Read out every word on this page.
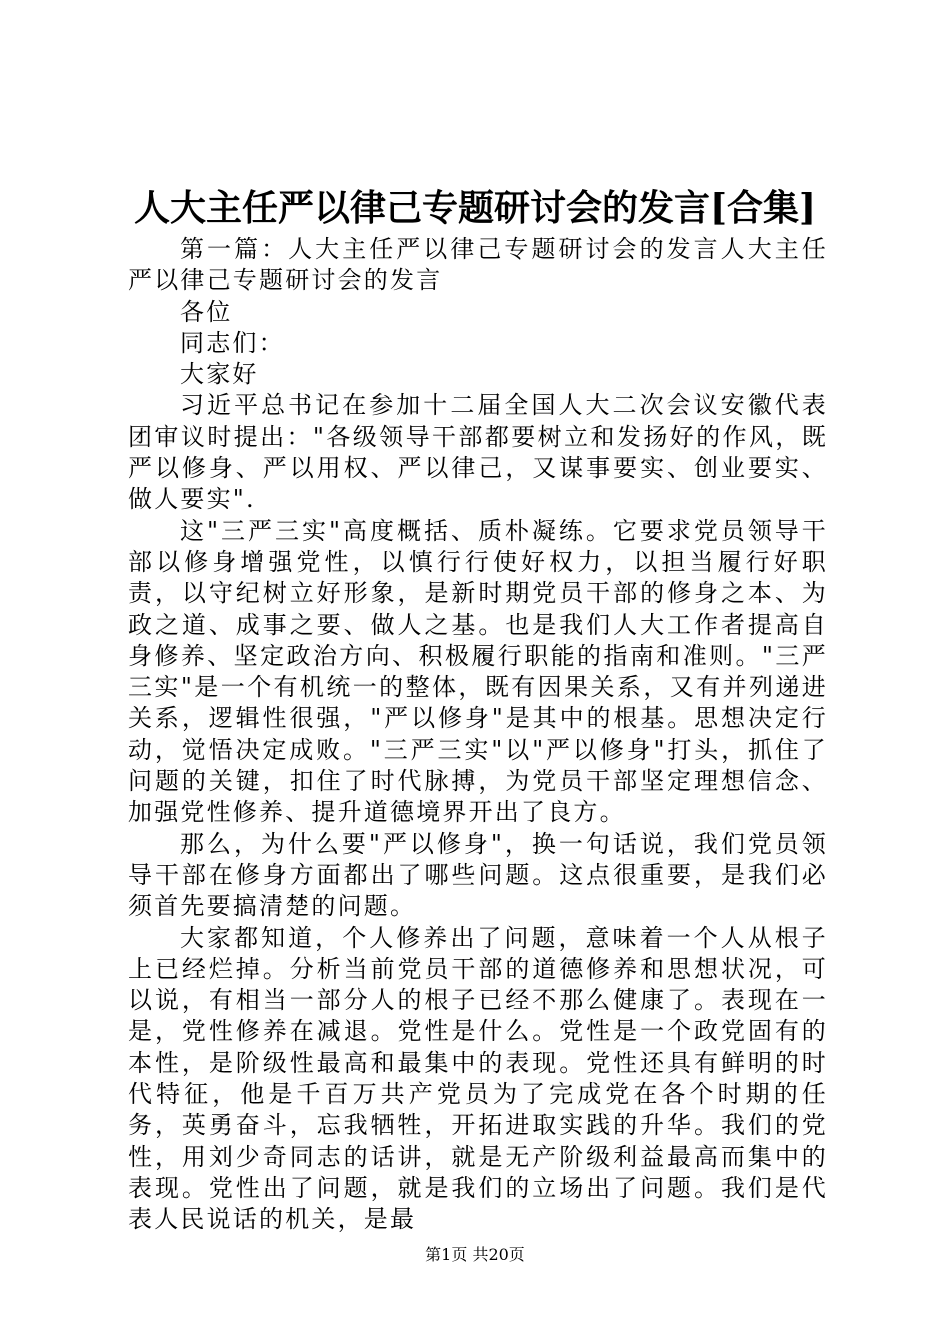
人大主任严以律己专题研讨会的发言[合集]

第一篇：人大主任严以律己专题研讨会的发言人大主任严以律己专题研讨会的发言

各位

同志们：

大家好

习近平总书记在参加十二届全国人大二次会议安徽代表团审议时提出："各级领导干部都要树立和发扬好的作风，既严以修身、严以用权、严以律己，又谋事要实、创业要实、做人要实".

这"三严三实"高度概括、质朴凝练。它要求党员领导干部以修身增强党性，以慎行行使好权力，以担当履行好职责，以守纪树立好形象，是新时期党员干部的修身之本、为政之道、成事之要、做人之基。也是我们人大工作者提高自身修养、坚定政治方向、积极履行职能的指南和准则。"三严三实"是一个有机统一的整体，既有因果关系，又有并列递进关系，逻辑性很强，"严以修身"是其中的根基。思想决定行动，觉悟决定成败。"三严三实"以"严以修身"打头，抓住了问题的关键，扣住了时代脉搏，为党员干部坚定理想信念、加强党性修养、提升道德境界开出了良方。

那么，为什么要"严以修身"，换一句话说，我们党员领导干部在修身方面都出了哪些问题。这点很重要，是我们必须首先要搞清楚的问题。

大家都知道，个人修养出了问题，意味着一个人从根子上已经烂掉。分析当前党员干部的道德修养和思想状况，可以说，有相当一部分人的根子已经不那么健康了。表现在一是，党性修养在减退。党性是什么。党性是一个政党固有的本性，是阶级性最高和最集中的表现。党性还具有鲜明的时代特征，他是千百万共产党员为了完成党在各个时期的任务，英勇奋斗，忘我牺牲，开拓进取实践的升华。我们的党性，用刘少奇同志的话讲，就是无产阶级利益最高而集中的表现。党性出了问题，就是我们的立场出了问题。我们是代表人民说话的机关，是最

第1页 共20页
